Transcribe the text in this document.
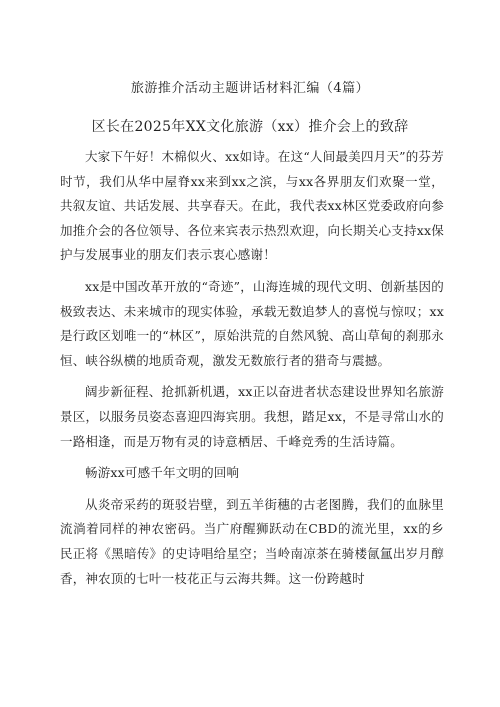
旅游推介活动主题讲话材料汇编（4篇）
区长在2025年XX文化旅游（xx）推介会上的致辞

大家下午好！木棉似火、xx如诗。在这“人间最美四月天”的芬芳时节，我们从华中屋脊xx来到xx之滨，与xx各界朋友们欢聚一堂，共叙友谊、共话发展、共享春天。在此，我代表xx林区党委政府向参加推介会的各位领导、各位来宾表示热烈欢迎，向长期关心支持xx保护与发展事业的朋友们表示衷心感谢！

xx是中国改革开放的“奇迹”，山海连城的现代文明、创新基因的极致表达、未来城市的现实体验，承载无数追梦人的喜悦与惊叹；xx是行政区划唯一的“林区”，原始洪荒的自然风貌、高山草甸的刹那永恒、峡谷纵横的地质奇观，激发无数旅行者的猎奇与震撼。

阔步新征程、抢抓新机遇，xx正以奋进者状态建设世界知名旅游景区，以服务员姿态喜迎四海宾朋。我想，踏足xx，不是寻常山水的一路相逢，而是万物有灵的诗意栖居、千峰竞秀的生活诗篇。

畅游xx可感千年文明的回响

从炎帝采药的斑驳岩壁，到五羊街穗的古老图腾，我们的血脉里流淌着同样的神农密码。当广府醒狮跃动在CBD的流光里，xx的乡民正将《黑暗传》的史诗唱给星空；当岭南凉茶在骑楼氤氲出岁月醇香，神农顶的七叶一枝花正与云海共舞。这一份跨越时
